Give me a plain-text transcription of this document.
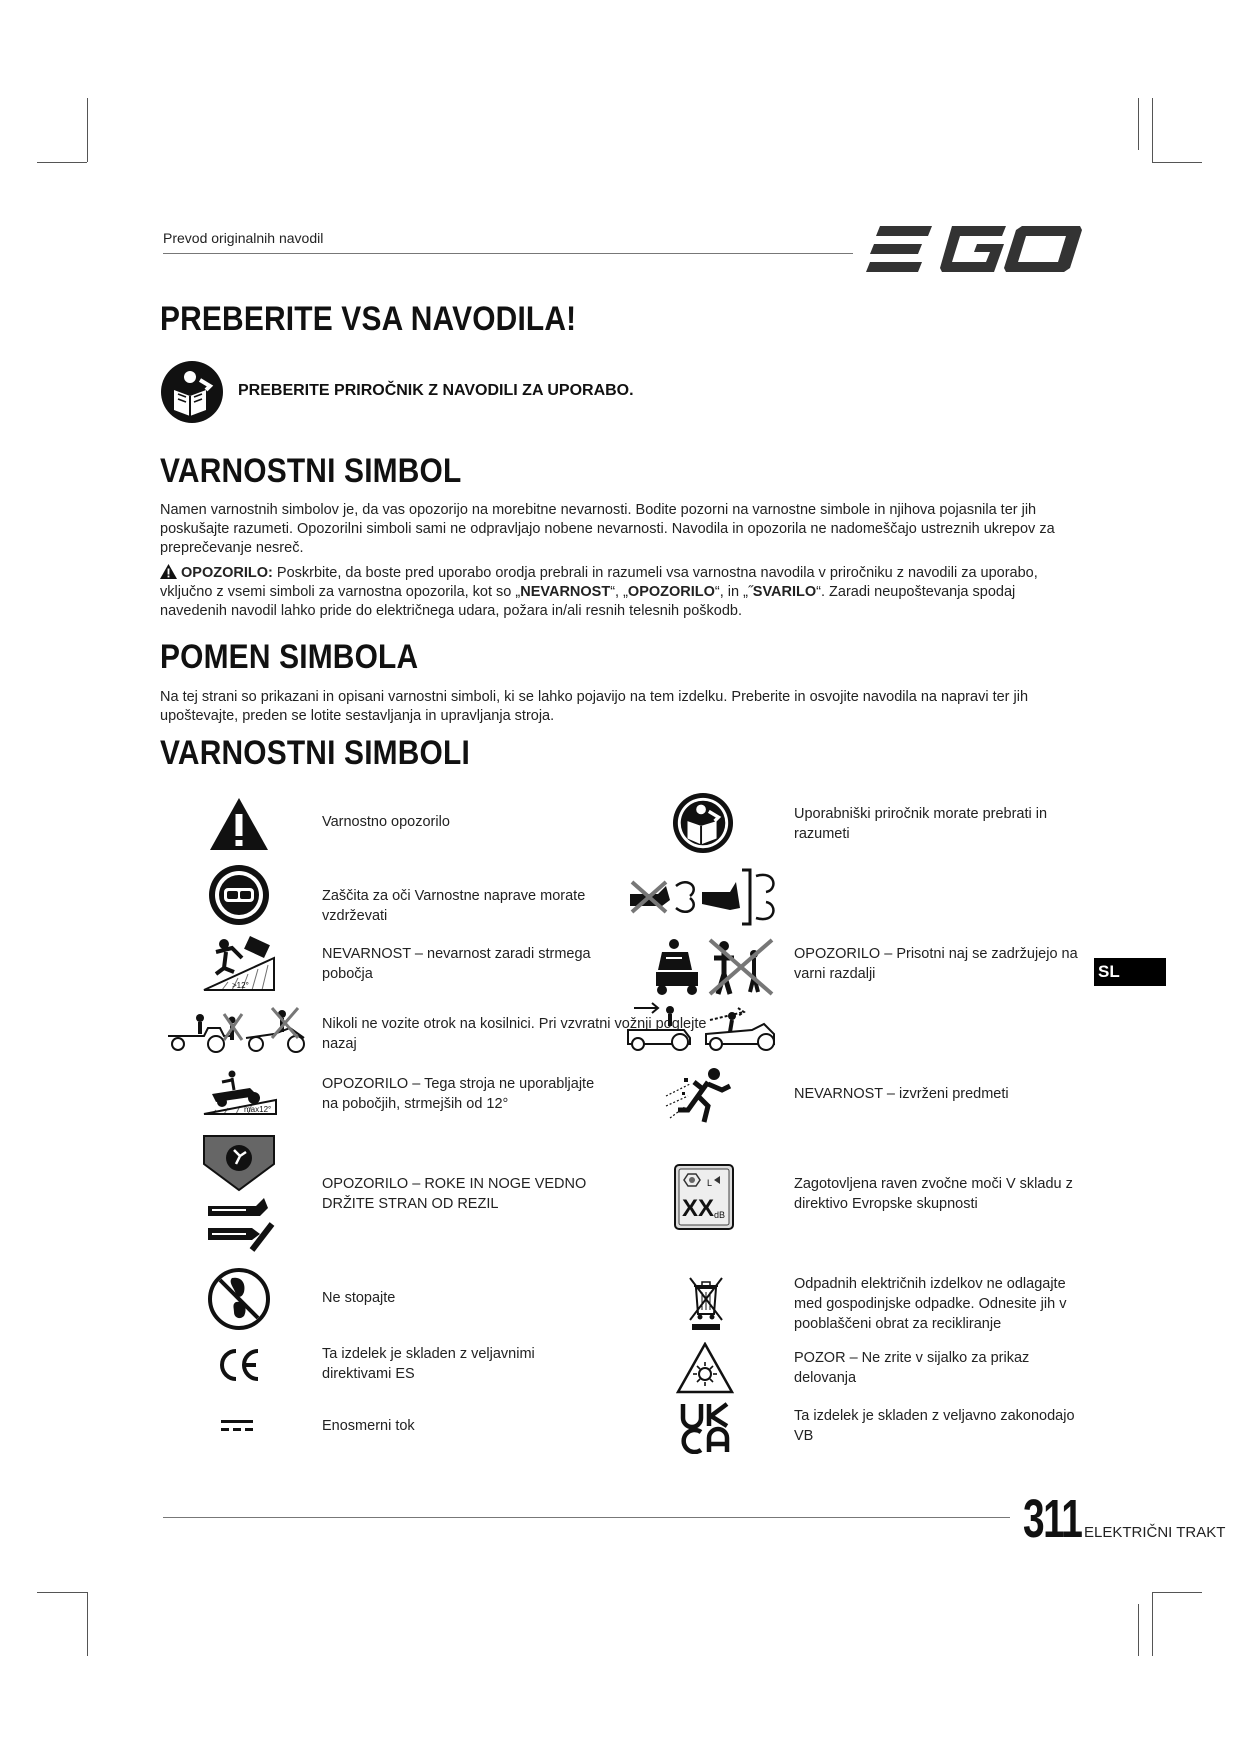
Prevod originalnih navodil
PREBERITE VSA NAVODILA!
PREBERITE PRIROČNIK Z NAVODILI ZA UPORABO.
VARNOSTNI SIMBOL

Namen varnostnih simbolov je, da vas opozorijo na morebitne nevarnosti. Bodite pozorni na varnostne simbole in njihova pojasnila ter jih poskušajte razumeti. Opozorilni simboli sami ne odpravljajo nobene nevarnosti. Navodila in opozorila ne nadomeščajo ustreznih ukrepov za preprečevanje nesreč.

OPOZORILO: Poskrbite, da boste pred uporabo orodja prebrali in razumeli vsa varnostna navodila v priročniku z navodili za uporabo, vključno z vsemi simboli za varnostna opozorila, kot so „NEVARNOST“, „OPOZORILO“, in „˝SVARILO“. Zaradi neupoštevanja spodaj navedenih navodil lahko pride do električnega udara, požara in/ali resnih telesnih poškodb.

POMEN SIMBOLA

Na tej strani so prikazani in opisani varnostni simboli, ki se lahko pojavijo na tem izdelku. Preberite in osvojite navodila na napravi ter jih upoštevajte, preden se lotite sestavljanja in upravljanja stroja.

VARNOSTNI SIMBOLI
Varnostno opozorilo
Zaščita za oči Varnostne naprave morate vzdrževati
>12°
NEVARNOST – nevarnost zaradi strmega pobočja
Nikoli ne vozite otrok na kosilnici. Pri vzvratni vožnji poglejte nazaj
max12°
OPOZORILO – Tega stroja ne uporabljajte na pobočjih, strmejših od 12°
OPOZORILO – ROKE IN NOGE VEDNO DRŽITE STRAN OD REZIL
Ne stopajte
Ta izdelek je skladen z veljavnimi direktivami ES
Enosmerni tok
Uporabniški priročnik morate prebrati in razumeti
OPOZORILO – Prisotni naj se zadržujejo na varni razdalji
NEVARNOST – izvrženi predmeti
L
XX dB
Zagotovljena raven zvočne moči V skladu z direktivo Evropske skupnosti
Odpadnih električnih izdelkov ne odlagajte med gospodinjske odpadke. Odnesite jih v pooblaščeni obrat za recikliranje
POZOR – Ne zrite v sijalko za prikaz delovanja
Ta izdelek je skladen z veljavno zakonodajo VB
SL
311 ELEKTRIČNI TRAKT
